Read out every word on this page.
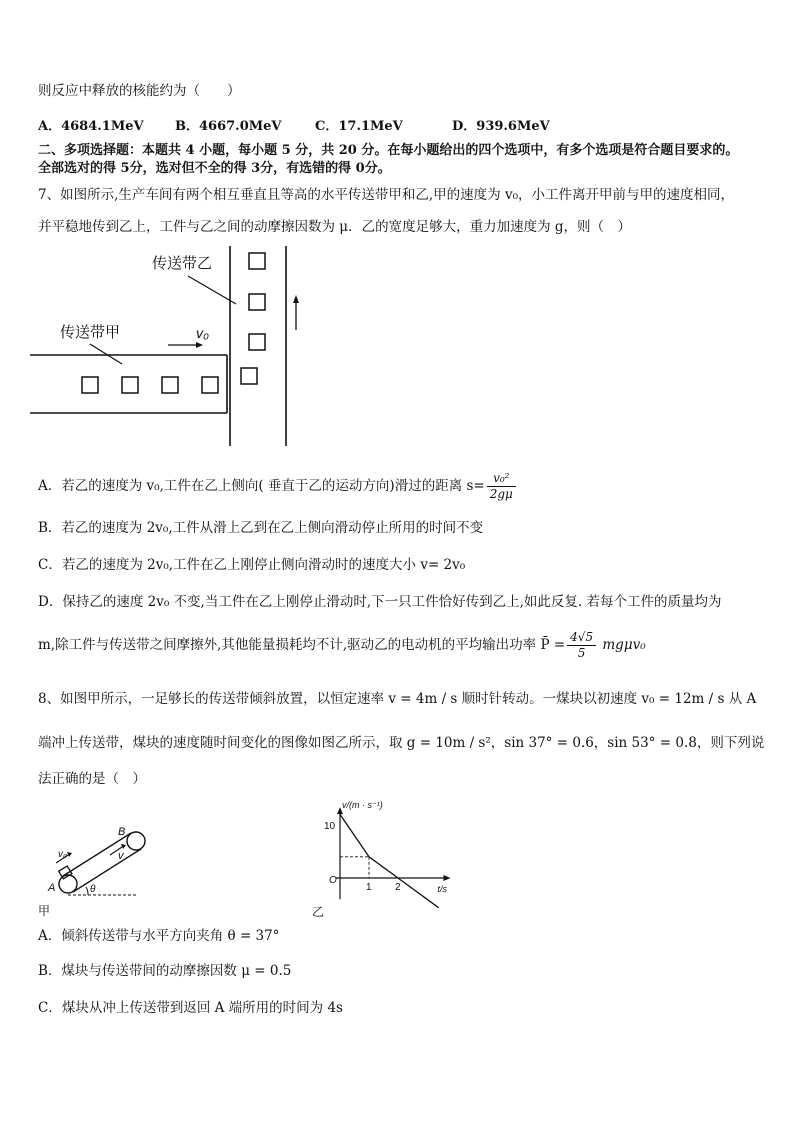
则反应中释放的核能约为（　　）
A．4684.1MeV B．4667.0MeV	C．17.1MeV	D．939.6MeV
二、多项选择题：本题共 4 小题，每小题 5 分，共 20 分。在每小题给出的四个选项中，有多个选项是符合题目要求的。
全部选对的得 5分，选对但不全的得 3分，有选错的得 0分。
7、如图所示,生产车间有两个相互垂直且等高的水平传送带甲和乙,甲的速度为 v₀，小工件离开甲前与甲的速度相同，
并平稳地传到乙上，工件与乙之间的动摩擦因数为 μ．乙的宽度足够大，重力加速度为 g，则（　）
传送带乙
传送带甲	v₀
A．若乙的速度为 v₀,工件在乙上侧向( 垂直于乙的运动方向)滑过的距离 $s= \frac{\text{v₀²}}{2g\mu}$
B．若乙的速度为 2v₀,工件从滑上乙到在乙上侧向滑动停止所用的时间不变
C．若乙的速度为 2v₀,工件在乙上刚停止侧向滑动时的速度大小 v= 2v₀
D．保持乙的速度 2v₀ 不变,当工件在乙上刚停止滑动时,下一只工件恰好传到乙上,如此反复. 若每个工件的质量均为
m,除工件与传送带之间摩擦外,其他能量损耗均不计,驱动乙的电动机的平均输出功率 P̄ = $\frac{4√5}{5} mg\mu v_0$
8、如图甲所示，一足够长的传送带倾斜放置，以恒定速率 v = 4m / s 顺时针转动。一煤块以初速度 v₀ = 12m / s 从 A
端冲上传送带，煤块的速度随时间变化的图像如图乙所示，取 g = 10m / s²，sin 37° = 0.6，sin 53° = 0.8，则下列说
法正确的是（　）
v₀
B
v
A	θ
甲
v/(m · s⁻¹)
t/s
O
10
1 2
乙
A．倾斜传送带与水平方向夹角 θ = 37°
B．煤块与传送带间的动摩擦因数 μ = 0.5
C．煤块从冲上传送带到返回 A 端所用的时间为 4s
